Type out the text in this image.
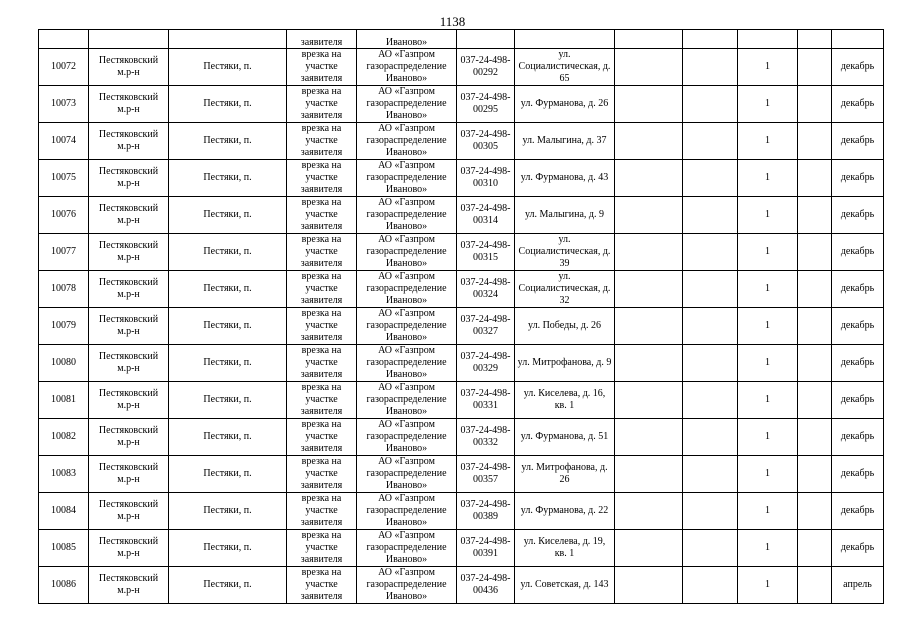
1138
			заявителя	Иваново»								
10072	Пестяковский м.р-н	Пестяки, п.	врезка на участке заявителя	АО «Газпром газораспределение Иваново»	037-24-498-00292	ул. Социалистическая, д. 65			1		декабрь	
10073	Пестяковский м.р-н	Пестяки, п.	врезка на участке заявителя	АО «Газпром газораспределение Иваново»	037-24-498-00295	ул. Фурманова, д. 26			1		декабрь	
10074	Пестяковский м.р-н	Пестяки, п.	врезка на участке заявителя	АО «Газпром газораспределение Иваново»	037-24-498-00305	ул. Малыгина, д. 37			1		декабрь	
10075	Пестяковский м.р-н	Пестяки, п.	врезка на участке заявителя	АО «Газпром газораспределение Иваново»	037-24-498-00310	ул. Фурманова, д. 43			1		декабрь	
10076	Пестяковский м.р-н	Пестяки, п.	врезка на участке заявителя	АО «Газпром газораспределение Иваново»	037-24-498-00314	ул. Малыгина, д. 9			1		декабрь	
10077	Пестяковский м.р-н	Пестяки, п.	врезка на участке заявителя	АО «Газпром газораспределение Иваново»	037-24-498-00315	ул. Социалистическая, д. 39			1		декабрь	
10078	Пестяковский м.р-н	Пестяки, п.	врезка на участке заявителя	АО «Газпром газораспределение Иваново»	037-24-498-00324	ул. Социалистическая, д. 32			1		декабрь	
10079	Пестяковский м.р-н	Пестяки, п.	врезка на участке заявителя	АО «Газпром газораспределение Иваново»	037-24-498-00327	ул. Победы, д. 26			1		декабрь	
10080	Пестяковский м.р-н	Пестяки, п.	врезка на участке заявителя	АО «Газпром газораспределение Иваново»	037-24-498-00329	ул. Митрофанова, д. 9			1		декабрь	
10081	Пестяковский м.р-н	Пестяки, п.	врезка на участке заявителя	АО «Газпром газораспределение Иваново»	037-24-498-00331	ул. Киселева, д. 16, кв. 1			1		декабрь	
10082	Пестяковский м.р-н	Пестяки, п.	врезка на участке заявителя	АО «Газпром газораспределение Иваново»	037-24-498-00332	ул. Фурманова, д. 51			1		декабрь	
10083	Пестяковский м.р-н	Пестяки, п.	врезка на участке заявителя	АО «Газпром газораспределение Иваново»	037-24-498-00357	ул. Митрофанова, д. 26			1		декабрь	
10084	Пестяковский м.р-н	Пестяки, п.	врезка на участке заявителя	АО «Газпром газораспределение Иваново»	037-24-498-00389	ул. Фурманова, д. 22			1		декабрь	
10085	Пестяковский м.р-н	Пестяки, п.	врезка на участке заявителя	АО «Газпром газораспределение Иваново»	037-24-498-00391	ул. Киселева, д. 19, кв. 1			1		декабрь	
10086	Пестяковский м.р-н	Пестяки, п.	врезка на участке заявителя	АО «Газпром газораспределение Иваново»	037-24-498-00436	ул. Советская, д. 143			1		апрель	
